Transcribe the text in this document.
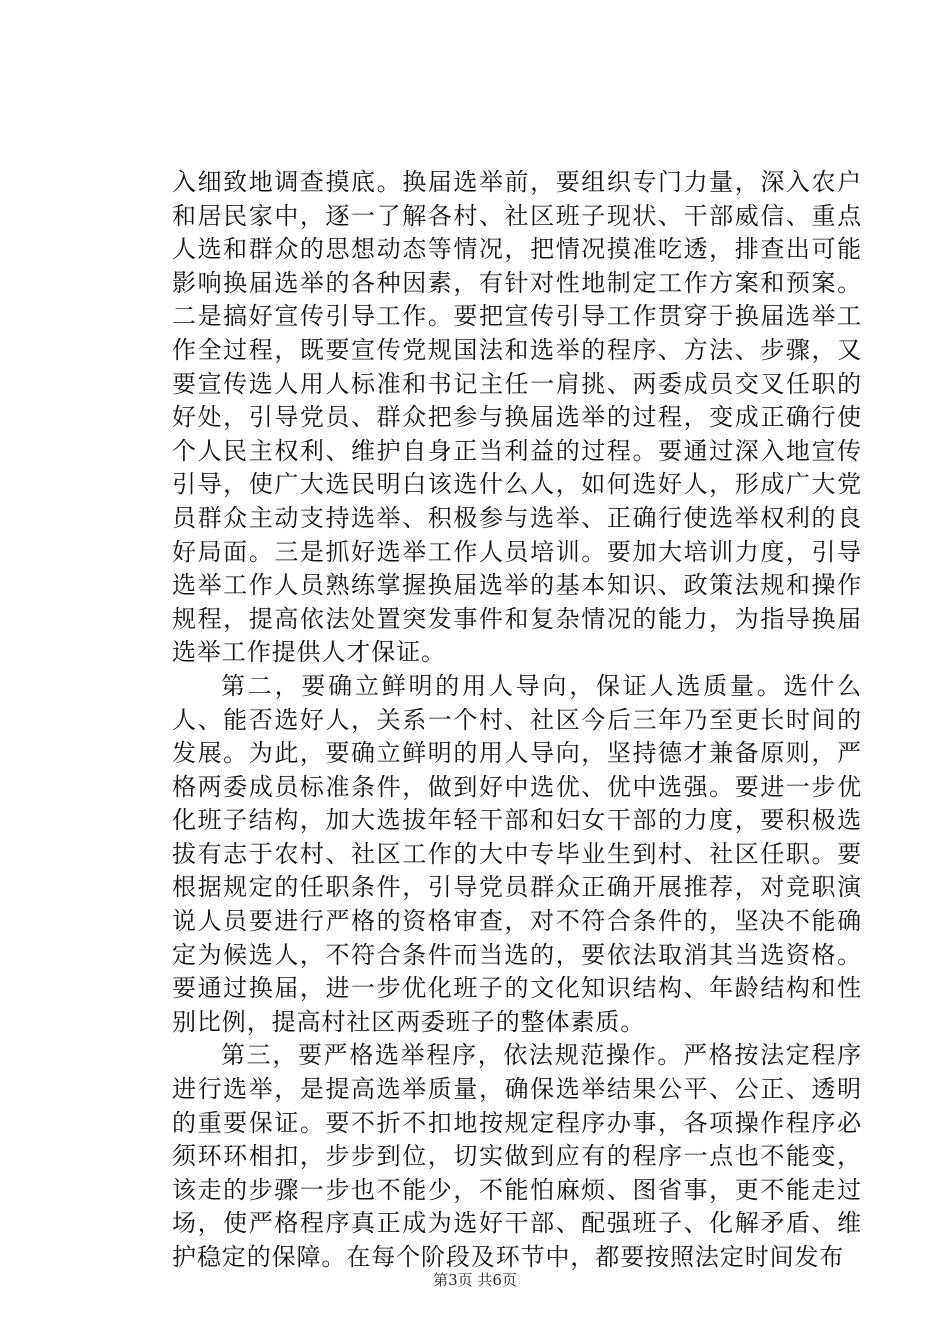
入细致地调查摸底。换届选举前，要组织专门力量，深入农户和居民家中，逐一了解各村、社区班子现状、干部威信、重点人选和群众的思想动态等情况，把情况摸准吃透，排查出可能影响换届选举的各种因素，有针对性地制定工作方案和预案。二是搞好宣传引导工作。要把宣传引导工作贯穿于换届选举工作全过程，既要宣传党规国法和选举的程序、方法、步骤，又要宣传选人用人标准和书记主任一肩挑、两委成员交叉任职的好处，引导党员、群众把参与换届选举的过程，变成正确行使个人民主权利、维护自身正当利益的过程。要通过深入地宣传引导，使广大选民明白该选什么人，如何选好人，形成广大党员群众主动支持选举、积极参与选举、正确行使选举权利的良好局面。三是抓好选举工作人员培训。要加大培训力度，引导选举工作人员熟练掌握换届选举的基本知识、政策法规和操作规程，提高依法处置突发事件和复杂情况的能力，为指导换届选举工作提供人才保证。

第二，要确立鲜明的用人导向，保证人选质量。选什么人、能否选好人，关系一个村、社区今后三年乃至更长时间的发展。为此，要确立鲜明的用人导向，坚持德才兼备原则，严格两委成员标准条件，做到好中选优、优中选强。要进一步优化班子结构，加大选拔年轻干部和妇女干部的力度，要积极选拔有志于农村、社区工作的大中专毕业生到村、社区任职。要根据规定的任职条件，引导党员群众正确开展推荐，对竞职演说人员要进行严格的资格审查，对不符合条件的，坚决不能确定为候选人，不符合条件而当选的，要依法取消其当选资格。要通过换届，进一步优化班子的文化知识结构、年龄结构和性别比例，提高村社区两委班子的整体素质。

第三，要严格选举程序，依法规范操作。严格按法定程序进行选举，是提高选举质量，确保选举结果公平、公正、透明的重要保证。要不折不扣地按规定程序办事，各项操作程序必须环环相扣，步步到位，切实做到应有的程序一点也不能变，该走的步骤一步也不能少，不能怕麻烦、图省事，更不能走过场，使严格程序真正成为选好干部、配强班子、化解矛盾、维护稳定的保障。在每个阶段及环节中，都要按照法定时间发布

第3页 共6页
